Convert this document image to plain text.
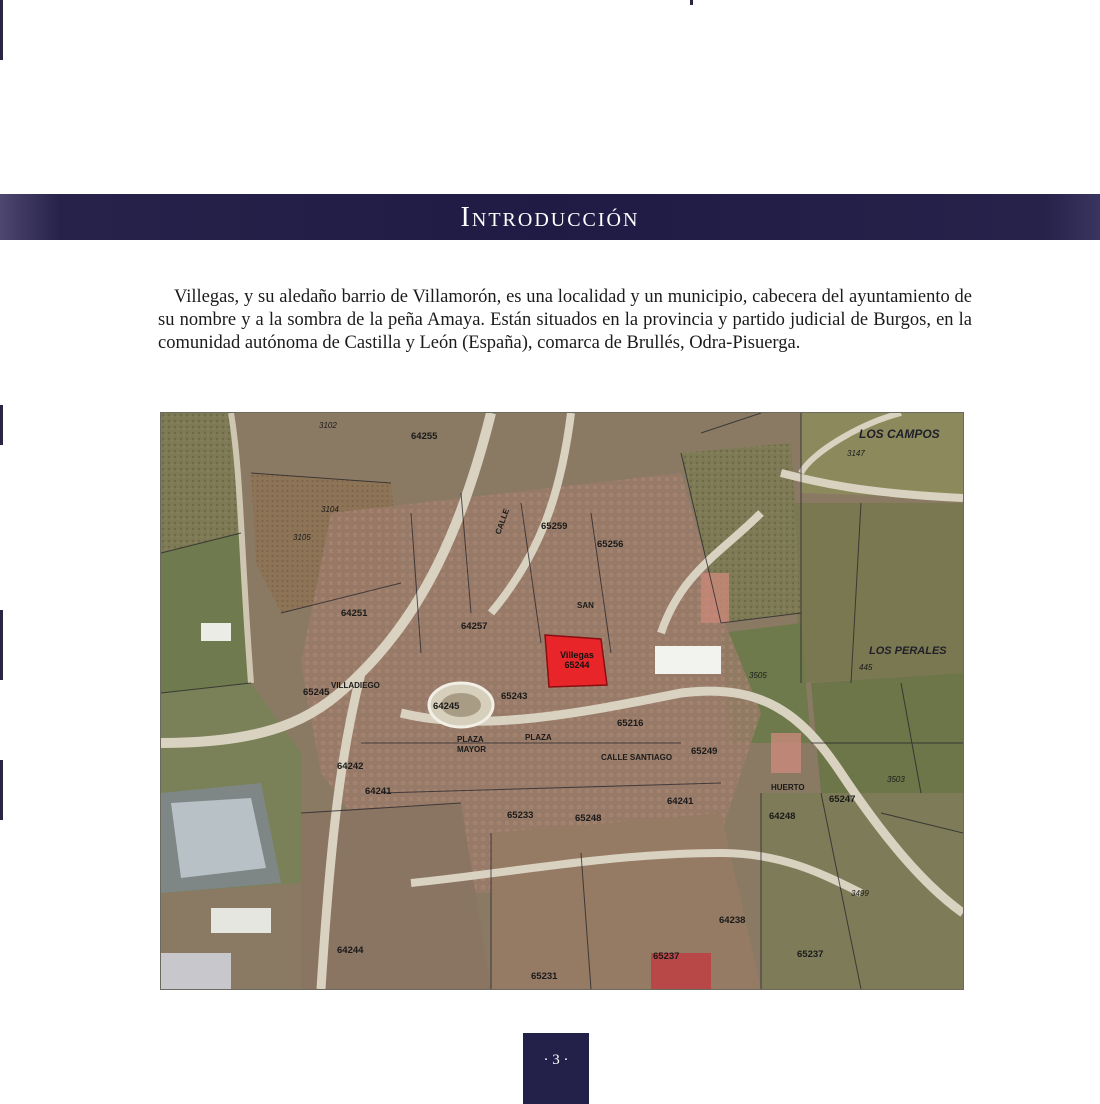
Introducción

Villegas, y su aledaño barrio de Villamorón, es una localidad y un municipio, cabecera del ayuntamiento de su nombre y a la sombra de la peña Amaya. Están situados en la provincia y partido judicial de Burgos, en la comunidad autónoma de Castilla y León (España), comarca de Brullés, Odra-Pisuerga.

LOS CAMPOS
LOS PERALES
Villegas
65244
64255
65259
65256
64251
64257
65245	65243
64245
65216
65249
64242
64241
65233	65248
64241	65247
64248
64238
64244	65237
65231
65237
3102
3104
3105
3147
3505
3503
3499
445
CALLE
SAN
VILLADIEGO
PLAZA
MAYOR
CALLE SANTIAGO
PLAZA
HUERTO
· 3 ·
